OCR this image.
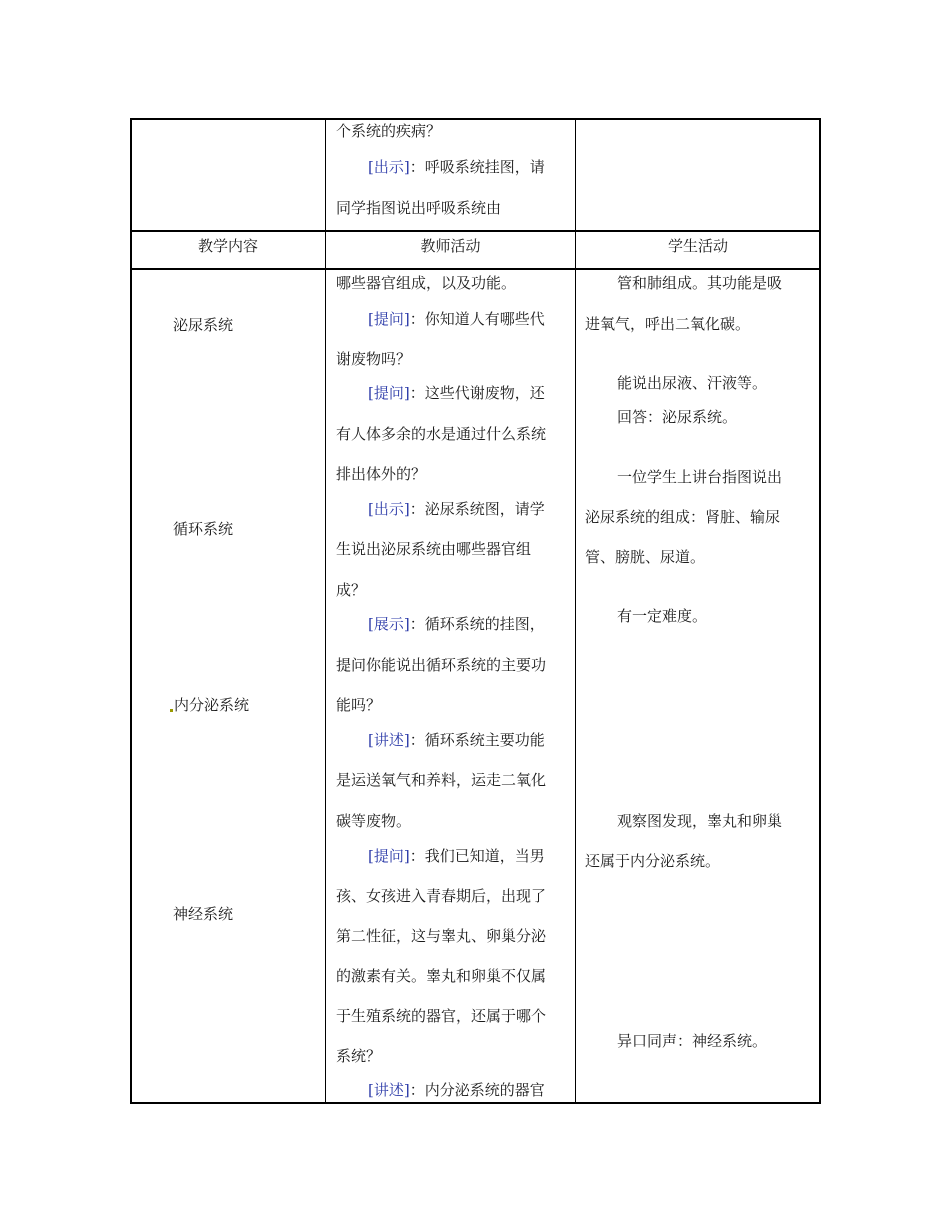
个系统的疾病？
[出示]：呼吸系统挂图，请
同学指图说出呼吸系统由
教学内容	教师活动	学生活动
泌尿系统
循环系统
内分泌系统
神经系统
哪些器官组成，以及功能。
[提问]：你知道人有哪些代
谢废物吗？
[提问]：这些代谢废物，还
有人体多余的水是通过什么系统
排出体外的？
[出示]：泌尿系统图，请学
生说出泌尿系统由哪些器官组
成？
[展示]：循环系统的挂图，
提问你能说出循环系统的主要功
能吗？
[讲述]：循环系统主要功能
是运送氧气和养料，运走二氧化
碳等废物。
[提问]：我们已知道，当男
孩、女孩进入青春期后，出现了
第二性征，这与睾丸、卵巢分泌
的激素有关。睾丸和卵巢不仅属
于生殖系统的器官，还属于哪个
系统？
[讲述]：内分泌系统的器官
管和肺组成。其功能是吸
进氧气，呼出二氧化碳。
能说出尿液、汗液等。
回答：泌尿系统。
一位学生上讲台指图说出
泌尿系统的组成：肾脏、输尿
管、膀胱、尿道。
有一定难度。
观察图发现，睾丸和卵巢
还属于内分泌系统。
异口同声：神经系统。
